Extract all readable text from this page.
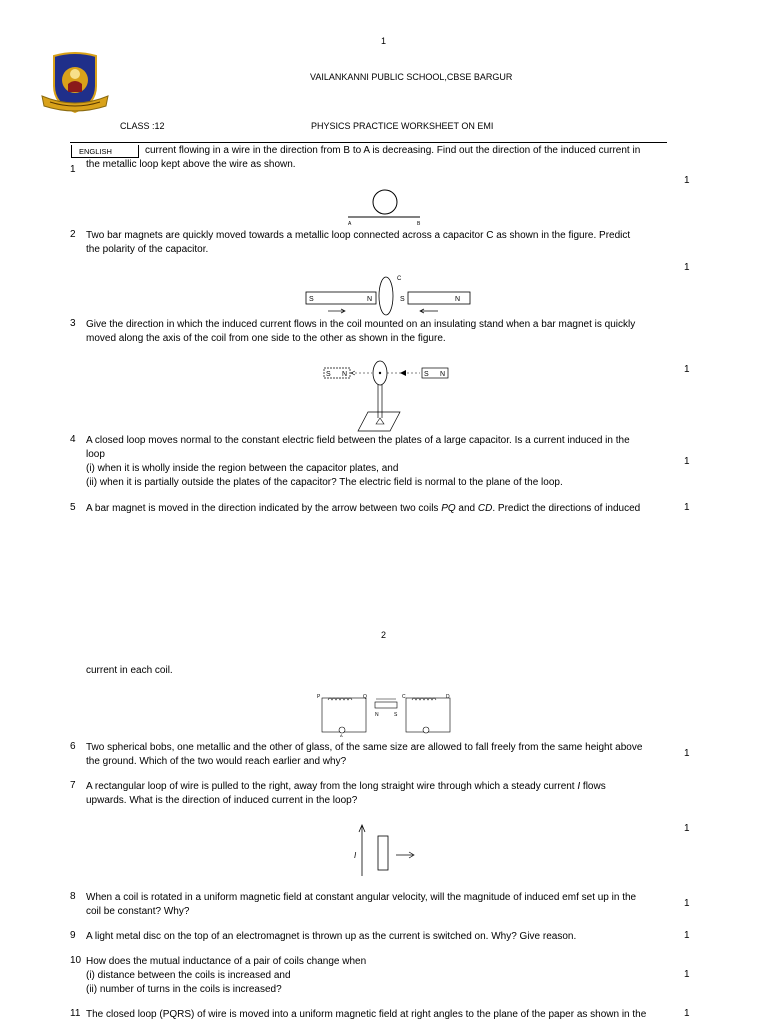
1
VAILANKANNI PUBLIC SCHOOL,CBSE BARGUR
CLASS :12	PHYSICS PRACTICE WORKSHEET ON EMI
ENGLISH
1
current flowing in a wire in the direction from B to A is decreasing. Find out the direction of the induced current in
the metallic loop kept above the wire as shown.
1
A	B
2 Two bar magnets are quickly moved towards a metallic loop connected across a capacitor C as shown in the figure. Predict
the polarity of the capacitor.
1
S	N
C
S	N
3 Give the direction in which the induced current flows in the coil mounted on an insulating stand when a bar magnet is quickly
moved along the axis of the coil from one side to the other as shown in the figure.
1
S N	S N
4 A closed loop moves normal to the constant electric field between the plates of a large capacitor. Is a current induced in the
loop
(i) when it is wholly inside the region between the capacitor plates, and
(ii) when it is partially outside the plates of the capacitor? The electric field is normal to the plane of the loop.
1
5 A bar magnet is moved in the direction indicated by the arrow between two coils PQ and CD. Predict the directions of induced	1
2
current in each coil.
P	Q	C	D
A
N	S
6 Two spherical bobs, one metallic and the other of glass, of the same size are allowed to fall freely from the same height above
the ground. Which of the two would reach earlier and why?
1
7 A rectangular loop of wire is pulled to the right, away from the long straight wire through which a steady current I flows
upwards. What is the direction of induced current in the loop?
1
I
8 When a coil is rotated in a uniform magnetic field at constant angular velocity, will the magnitude of induced emf set up in the
coil be constant? Why?
1
9 A light metal disc on the top of an electromagnet is thrown up as the current is switched on. Why? Give reason.	1
10 How does the mutual inductance of a pair of coils change when
(i) distance between the coils is increased and
(ii) number of turns in the coils is increased?
1
11 The closed loop (PQRS) of wire is moved into a uniform magnetic field at right angles to the plane of the paper as shown in the	1
